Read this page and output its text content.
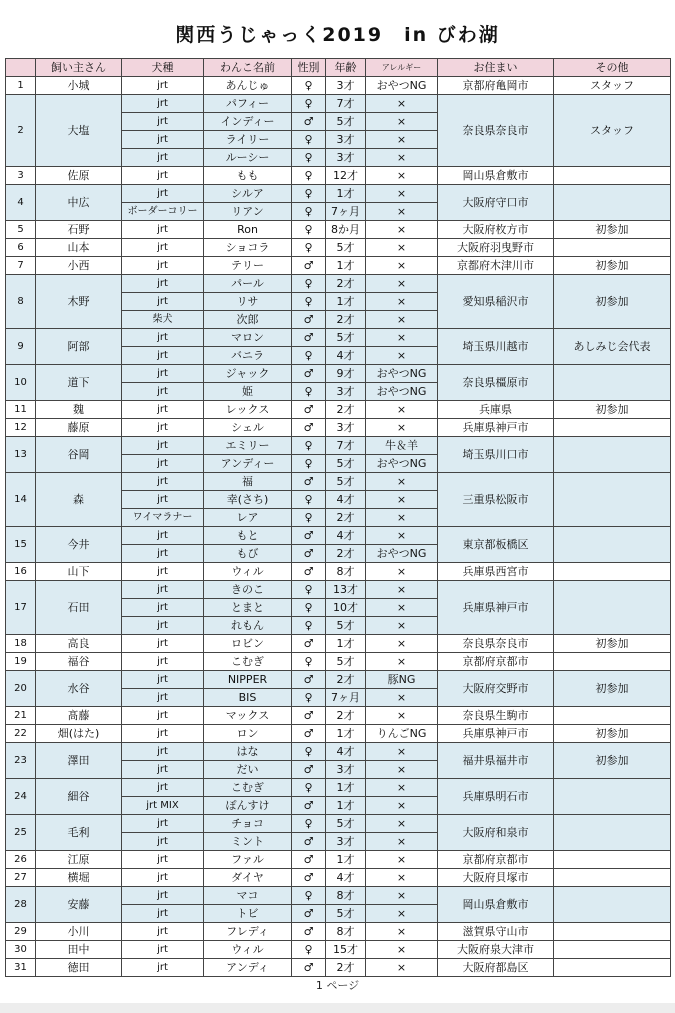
関西うじゃっく2019　in びわ湖
	飼い主さん	犬種	わんこ名前	性別	年齢	アレルギー	お住まい	その他
1	小城	jrt	あんじゅ	♀	3才	おやつNG	京都府亀岡市	スタッフ
2	大塩	jrt	パフィー	♀	7才	×	奈良県奈良市	スタッフ
		jrt	インディー	♂	5才	×		
		jrt	ライリー	♀	3才	×		
		jrt	ルーシー	♀	3才	×		
3	佐原	jrt	もも	♀	12才	×	岡山県倉敷市	
4	中広	jrt	シルア	♀	1才	×	大阪府守口市	
		ボーダーコリー	リアン	♀	7ヶ月	×		
5	石野	jrt	Ron	♀	8か月	×	大阪府枚方市	初参加
6	山本	jrt	ショコラ	♀	5才	×	大阪府羽曳野市	
7	小西	jrt	テリー	♂	1才	×	京都府木津川市	初参加
8	木野	jrt	パール	♀	2才	×	愛知県稲沢市	初参加
		jrt	リサ	♀	1才	×		
		柴犬	次郎	♂	2才	×		
9	阿部	jrt	マロン	♂	5才	×	埼玉県川越市	あしみじ会代表
		jrt	バニラ	♀	4才	×		
10	道下	jrt	ジャック	♂	9才	おやつNG	奈良県橿原市	
		jrt	姫	♀	3才	おやつNG		
11	魏	jrt	レックス	♂	2才	×	兵庫県	初参加
12	藤原	jrt	シェル	♂	3才	×	兵庫県神戸市	
13	谷岡	jrt	エミリー	♀	7才	牛＆羊	埼玉県川口市	
		jrt	アンディー	♀	5才	おやつNG		
14	森	jrt	福	♂	5才	×	三重県松阪市	
		jrt	幸(さち)	♀	4才	×		
		ワイマラナー	レア	♀	2才	×		
15	今井	jrt	もと	♂	4才	×	東京都板橋区	
		jrt	もび	♂	2才	おやつNG		
16	山下	jrt	ウィル	♂	8才	×	兵庫県西宮市	
17	石田	jrt	きのこ	♀	13才	×	兵庫県神戸市	
		jrt	とまと	♀	10才	×		
		jrt	れもん	♀	5才	×		
18	高良	jrt	ロビン	♂	1才	×	奈良県奈良市	初参加
19	福谷	jrt	こむぎ	♀	5才	×	京都府京都市	
20	水谷	jrt	NIPPER	♂	2才	豚NG	大阪府交野市	初参加
		jrt	BIS	♀	7ヶ月	×		
21	髙藤	jrt	マックス	♂	2才	×	奈良県生駒市	
22	畑(はた)	jrt	ロン	♂	1才	りんごNG	兵庫県神戸市	初参加
23	澤田	jrt	はな	♀	4才	×	福井県福井市	初参加
		jrt	だい	♂	3才	×		
24	細谷	jrt	こむぎ	♀	1才	×	兵庫県明石市	
		jrt MIX	ぽんすけ	♂	1才	×		
25	毛利	jrt	チョコ	♀	5才	×	大阪府和泉市	
		jrt	ミント	♂	3才	×		
26	江原	jrt	ファル	♂	1才	×	京都府京都市	
27	横堀	jrt	ダイヤ	♂	4才	×	大阪府貝塚市	
28	安藤	jrt	マコ	♀	8才	×	岡山県倉敷市	
		jrt	トビ	♂	5才	×		
29	小川	jrt	フレディ	♂	8才	×	滋賀県守山市	
30	田中	jrt	ウィル	♀	15才	×	大阪府泉大津市	
31	徳田	jrt	アンディ	♂	2才	×	大阪府都島区	
1 ページ
